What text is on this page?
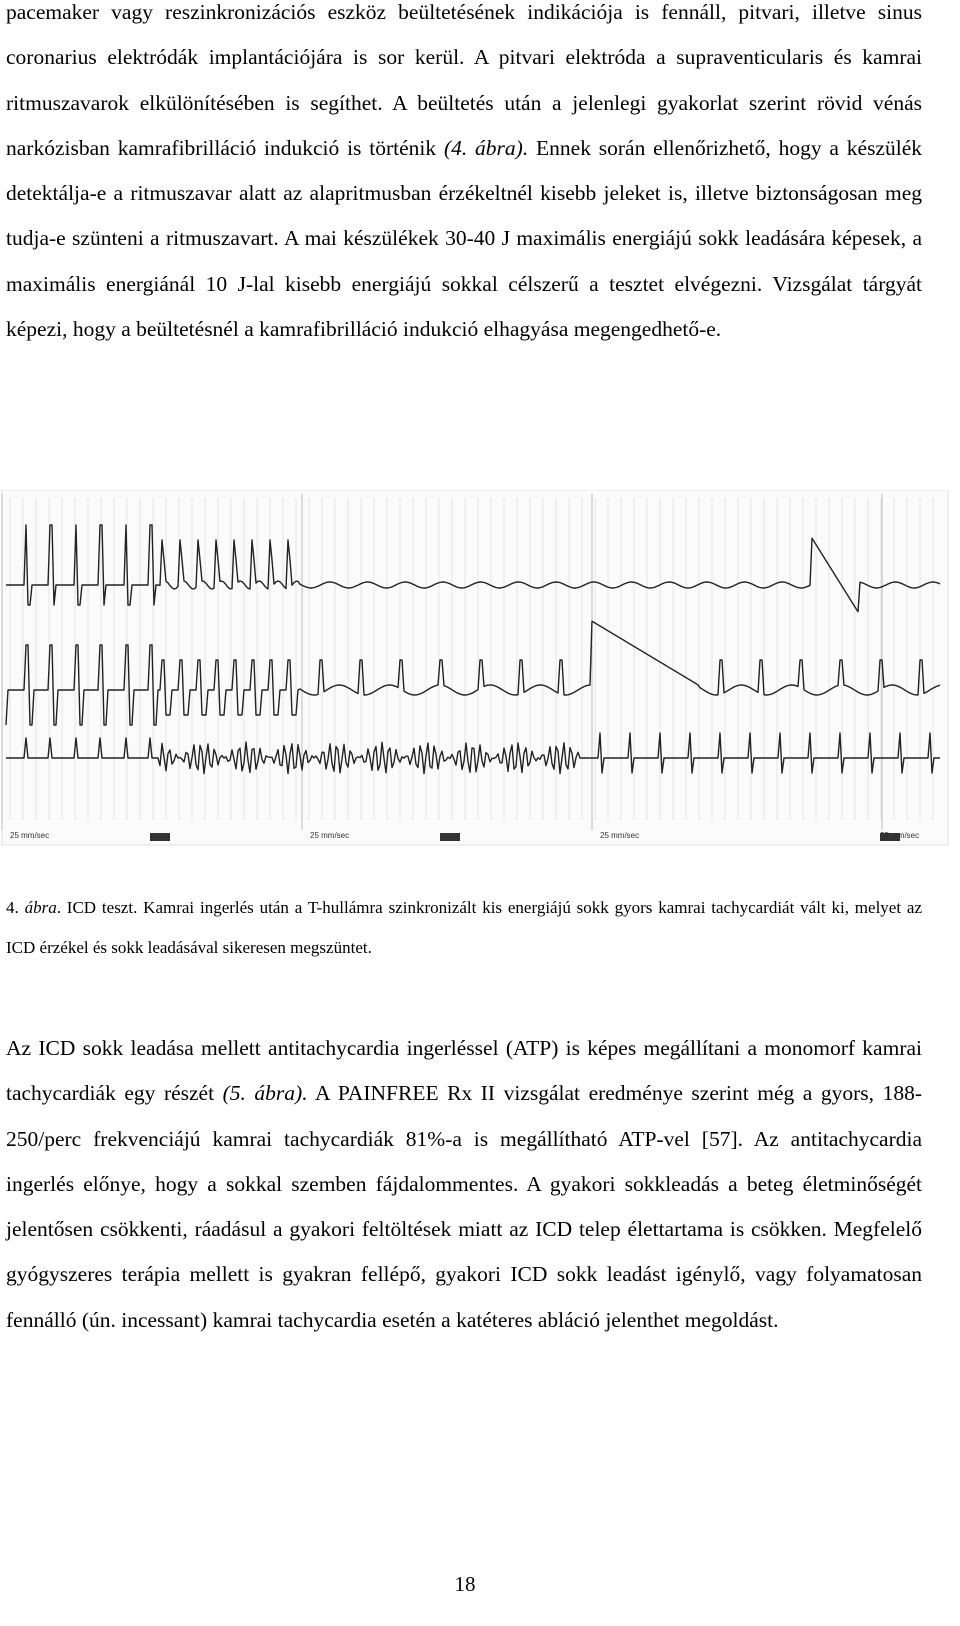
pacemaker vagy reszinkronizációs eszköz beültetésének indikációja is fennáll, pitvari, illetve sinus coronarius elektródák implantációjára is sor kerül. A pitvari elektróda a supraventicularis és kamrai ritmuszavarok elkülönítésében is segíthet. A beültetés után a jelenlegi gyakorlat szerint rövid vénás narkózisban kamrafibrilláció indukció is történik (4. ábra). Ennek során ellenőrizhető, hogy a készülék detektálja-e a ritmuszavar alatt az alapritmusban érzékeltnél kisebb jeleket is, illetve biztonságosan meg tudja-e szünteni a ritmuszavart. A mai készülékek 30-40 J maximális energiájú sokk leadására képesek, a maximális energiánál 10 J-lal kisebb energiájú sokkal célszerű a tesztet elvégezni. Vizsgálat tárgyát képezi, hogy a beültetésnél a kamrafibrilláció indukció elhagyása megengedhető-e.

25 mm/sec	25 mm/sec	25 mm/sec	25 mm/sec

4. ábra. ICD teszt. Kamrai ingerlés után a T-hullámra szinkronizált kis energiájú sokk gyors kamrai tachycardiát vált ki, melyet az ICD érzékel és sokk leadásával sikeresen megszüntet.

Az ICD sokk leadása mellett antitachycardia ingerléssel (ATP) is képes megállítani a monomorf kamrai tachycardiák egy részét (5. ábra). A PAINFREE Rx II vizsgálat eredménye szerint még a gyors, 188-250/perc frekvenciájú kamrai tachycardiák 81%-a is megállítható ATP-vel [57]. Az antitachycardia ingerlés előnye, hogy a sokkal szemben fájdalommentes. A gyakori sokkleadás a beteg életminőségét jelentősen csökkenti, ráadásul a gyakori feltöltések miatt az ICD telep élettartama is csökken. Megfelelő gyógyszeres terápia mellett is gyakran fellépő, gyakori ICD sokk leadást igénylő, vagy folyamatosan fennálló (ún. incessant) kamrai tachycardia esetén a katéteres abláció jelenthet megoldást.

18
